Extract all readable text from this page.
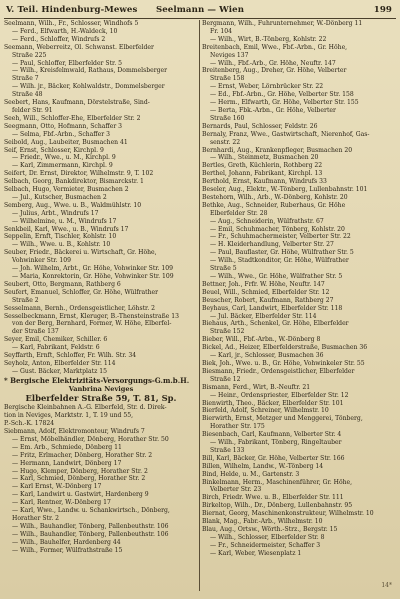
V. Teil. Hindenburg-Mewes	Seelmann — Wien	199
Seelmann, Wilh., Fr., Schlosser, Windhofs 5
— Ferd., Elfwarth, H.-Waldeck, 10
— Ferd., Schloffer, Windrufs 2
Seemann, Weberreitz, Ol. Schwanst. Elberfelder
Straße 225
— Paul, Schloffer, Elberfelder Str. 5
— Wilh., Kreisfelmwald, Rathaus, Dommelsberger
Straße 7
— Wilh. jr., Bäcker, Kohlwaldstr., Dommelsberger
Straße 48
Seebert, Hans, Kaufmann, Dörstelstraße, Sind-
felder Str. 91
Seeh, Will., Schloffer-Ehe, Elberfelder Str. 2
Seegmann, Otto, Hofmann, Schaffer 3
— Selma, Fbf.-Arbn., Schaffer 3
Seibold, Aug., Laubeiter, Busmachen 41
Seif, Ernst, Schlosser, Kirchpl. 9
— Friedr., Wwe., u. M., Kirchpl. 9
— Karl, Zimmermann, Kirchpl. 9
Seifert, Dr. Ernst, Direktor, Wilhelmstr. 9, T. 102
Selbach, Georg, Bankdirektor, Bismarckstr. 1
Selbach, Hugo, Vermieter, Busmachen 2
— Jul., Kutscher, Busmachen 2
Semberg, Aug., Wwe. u. B., Waldmühlstr. 10
— Julius, Arbt., Windrufs 17
— Wilhelmine, u. M., Windrufs 17
Senkbeil, Karl, Wwe., u. B., Windrufs 17
Seppelin, Ernft, Tischler, Kohlstr. 10
— Wilh., Wwe. u. B., Kohlstr. 10
Seuber, Friedr., Bäckerei u. Wirtschaft, Gr. Höhe,
Vohwinker Str. 109
— Joh. Wilhelm, Arbt., Gr. Höhe, Vohwinker Str. 109
— Maria, Konrektorin, Gr. Höhe, Vohwinker Str. 109
Seubert, Otto, Bergmann, Rathberg 6
Seufert, Emanuel, Schloffer, Gr. Höhe, Wülfrather
Straße 2
Sesselmann, Bernh., Ordensgeistlicher, Löhstr. 2
Sesselbeckmann, Ernst, Kleruger, B.-Thensteinstraße 13
von der Berg, Bernhard, Former, W. Höhe, Elberfel-
der Straße 137
Seyer, Emil, Chemiker, Schiller. 6
— Karl, Fabrikant, Feldstr. 6
Seyffarth, Ernft, Schloffer, Fr. Wilh. Str. 34
Seyholz, Anton, Elberfelder Str. 114
— Gust. Bäcker, Marktplatz 15
* Bergische Elektrizitäts-Versorgungs-G.m.b.H.
Vanbrina Neviges
Elberfelder Straße 59, T. 81, Sp.
Bergische Kleinbahnen A.-G. Elberfeld, Str. d. Direk-
tion in Neviges, Marktstr. 1, T. 19 und 55,
P.-Sch.-K. 17824
Siebmann, Adolf, Elektromonteur, Windrufs 7
— Ernst, Möbelhändler, Dönberg, Horather Str. 50
— Em. Arb., Schmiede, Dönberg 11
— Fritz, Erlmacher, Dönberg, Horather Str. 2
— Hermann, Landwirt, Dönberg 17
— Hugo, Klemper, Dönberg, Horather Str. 2
— Karl, Schmied, Dönberg, Horather Str. 2
— Karl Ernst, W.-Dönberg 17
— Karl, Landwirt u. Gastwirt, Hardenberg 9
— Karl, Rentner, W.-Dönberg 17
— Karl, Wwe., Landw. u. Schankwirtsch., Dönberg,
Horather Str. 2
— Wilh., Bauhandler, Tönberg, Pallenbeuthstr. 106
— Wilh., Bauhandler, Tönberg, Pallenbeuthstr. 106
— Wilh., Bauhelfer, Hardenberg 44
— Wilh., Former, Wülfrathstraße 15
Bergmann, Wilh., Fuhrunternehmer, W.-Dönberg 11
Fr. 104
— Wilh., Wirt, B.-Tönberg, Kohlstr. 22
Breitenbach, Emil, Wwe., Fbf.-Arbn., Gr. Höhe,
Neviges 137
— Wilh., Fbf.-Arb., Gr. Höhe, Neuftr. 147
Breitenberg, Aug., Dreher, Gr. Höhe, Velberter
Straße 158
— Ernst, Weber, Lörnbrücker Str. 22
— Ed., Fbf.-Arbn., Gr. Höhe, Velberter Str. 158
— Herm., Elfwarth, Gr. Höhe, Velberter Str. 155
— Berta, Fbk.-Arbn., Gr. Höhe, Velberter
Straße 160
Bernards, Paul, Schlosser, Feldstr. 26
Bernaly, Franz, Wwe., Gastwirtschaft, Nierenhof, Gas-
senstr. 22
Bernhardi, Aug., Krankenpfleger, Busmachen 20
— Wilh., Steinmetz, Busmachen 20
Bertles, Greth, Küchlerin, Rothberg 22
Berthel, Johann, Fabrikant, Kirchpl. 13
Berthold, Ernst, Kaufmann, Windrufs 33
Beseler, Aug., Elektr., W.-Tönberg, Lullenbahnstr. 101
Bestehorn, Wilh., Arb., W.-Dönberg, Kohlstr. 20
Bethke, Aug., Schneider, Ruberhaus, Gr. Höhe
Elberfelder Str. 28
— Aug., Schneiderin, Wülfrathstr. 67
— Emil, Schuhmacher, Tönberg, Kohlstr. 20
— Fr., Schuhmachermeister, Velberter Str. 22
— H. Kleiderhandlung, Velberter Str. 27
— Paul, Bauflaster, Gr. Höhe, Wülfrather Str. 5
— Wilh., Stadtkonditor, Gr. Höhe, Wülfrather
Straße 5
— Wilh., Wwe., Gr. Höhe, Wülfrather Str. 5
Bettner, Joh., Frfr. W. Höhe, Neuftr. 147
Beuel, Will., Schmied, Elberfelder Str. 12
Beuscher, Robert, Kaufmann, Rathberg 27
Beyhaus, Carl, Landwirt, Elberfelder Str. 118
— Jul. Bäcker, Elberfelder Str. 114
Biehaus, Arth., Schenkel, Gr. Höhe, Elberfelder
Straße 152
Bieber, Will., Fbf.-Arbn., W.-Dönberg 8
Bickel, Ad., Heizer, Elberfelderstraße, Busmachen 36
— Karl, jr., Schlosser, Busmachen 36
Biek, Joh., Wwe. u. B., Gr. Höhe, Vohwinkeler Str. 55
Biesmann, Friedr., Ordensgeistlicher, Elberfelder
Straße 12
Bismann, Ferd., Wirt, B.-Neuftr. 21
— Heinr., Ordenspriester, Elberfelder Str. 12
Bienwirth, Theo., Bäcker, Elberfelder Str. 101
Bierfeld, Adolf, Schreiner, Wilhelmstr. 10
Bierwirth, Ernst, Metzger und Menggerei, Tönberg,
Horather Str. 175
Biesenbach, Carl, Kaufmann, Velberter Str. 4
— Wilh., Fabrikant, Tönberg, Ringeltauber
Straße 133
Bill, Karl, Bäcker, Gr. Höhe, Velberter Str. 166
Billen, Wilhelm, Landw., W.-Tönberg 14
Bind, Helde, u. M., Gartenstr. 3
Binkelmann, Herm., Maschinenführer, Gr. Höhe,
Velberter Str. 23
Birch, Friedr. Wwe. u. B., Elberfelder Str. 111
Birkeltop, Wilh., Dr., Dönberg, Lullenbahnstr. 95
Biernat, Georg, Maschinenkonstrukteur, Wilhelmstr. 10
Blank, Mag., Fabr.-Arb., Wilhelmstr. 10
Blau, Aug., Ortsw., Wörth.-Strz., Bergstr. 15
— Wilh., Schlosser, Elberfelder Str. 8
— Fr., Schneidermeister, Schaffer 3
— Karl, Weber, Wiesenplatz 1
14*
